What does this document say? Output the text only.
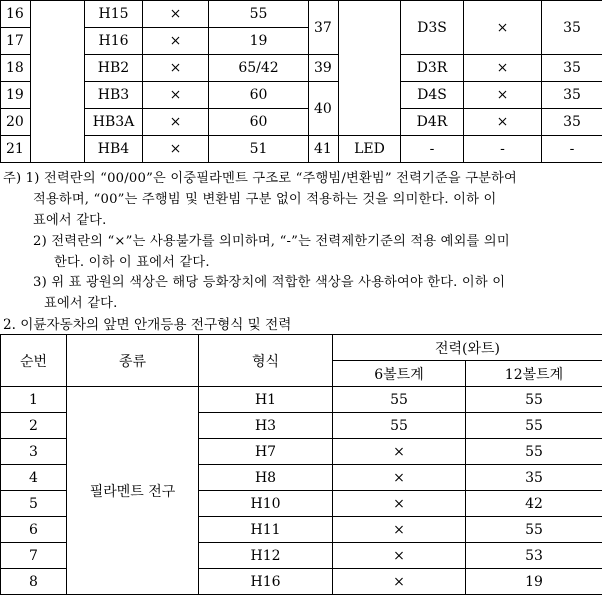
16		H15	×	55	37		D3S	×	35
17		H16	×	19					
18		HB2	×	65/42	39		D3R	×	35
19		HB3	×	60	40		D4S	×	35
20		HB3A	×	60			D4R	×	35
21		HB4	×	51	41	LED	-	-	-
주) 1) 전력란의 “00/00”은 이중필라멘트 구조로 “주행빔/변환빔” 전력기준을 구분하여
적용하며, “00”는 주행빔 및 변환빔 구분 없이 적용하는 것을 의미한다. 이하 이
표에서 같다.
2) 전력란의 “×”는 사용불가를 의미하며, “-”는 전력제한기준의 적용 예외를 의미
한다. 이하 이 표에서 같다.
3) 위 표 광원의 색상은 해당 등화장치에 적합한 색상을 사용하여야 한다. 이하 이
표에서 같다.
2. 이륜자동차의 앞면 안개등용 전구형식 및 전력
순번	종류	형식	전력(와트)	
			6볼트계	12볼트계
1	필라멘트 전구	H1	55	55
2		H3	55	55
3		H7	×	55
4		H8	×	35
5		H10	×	42
6		H11	×	55
7		H12	×	53
8		H16	×	19
